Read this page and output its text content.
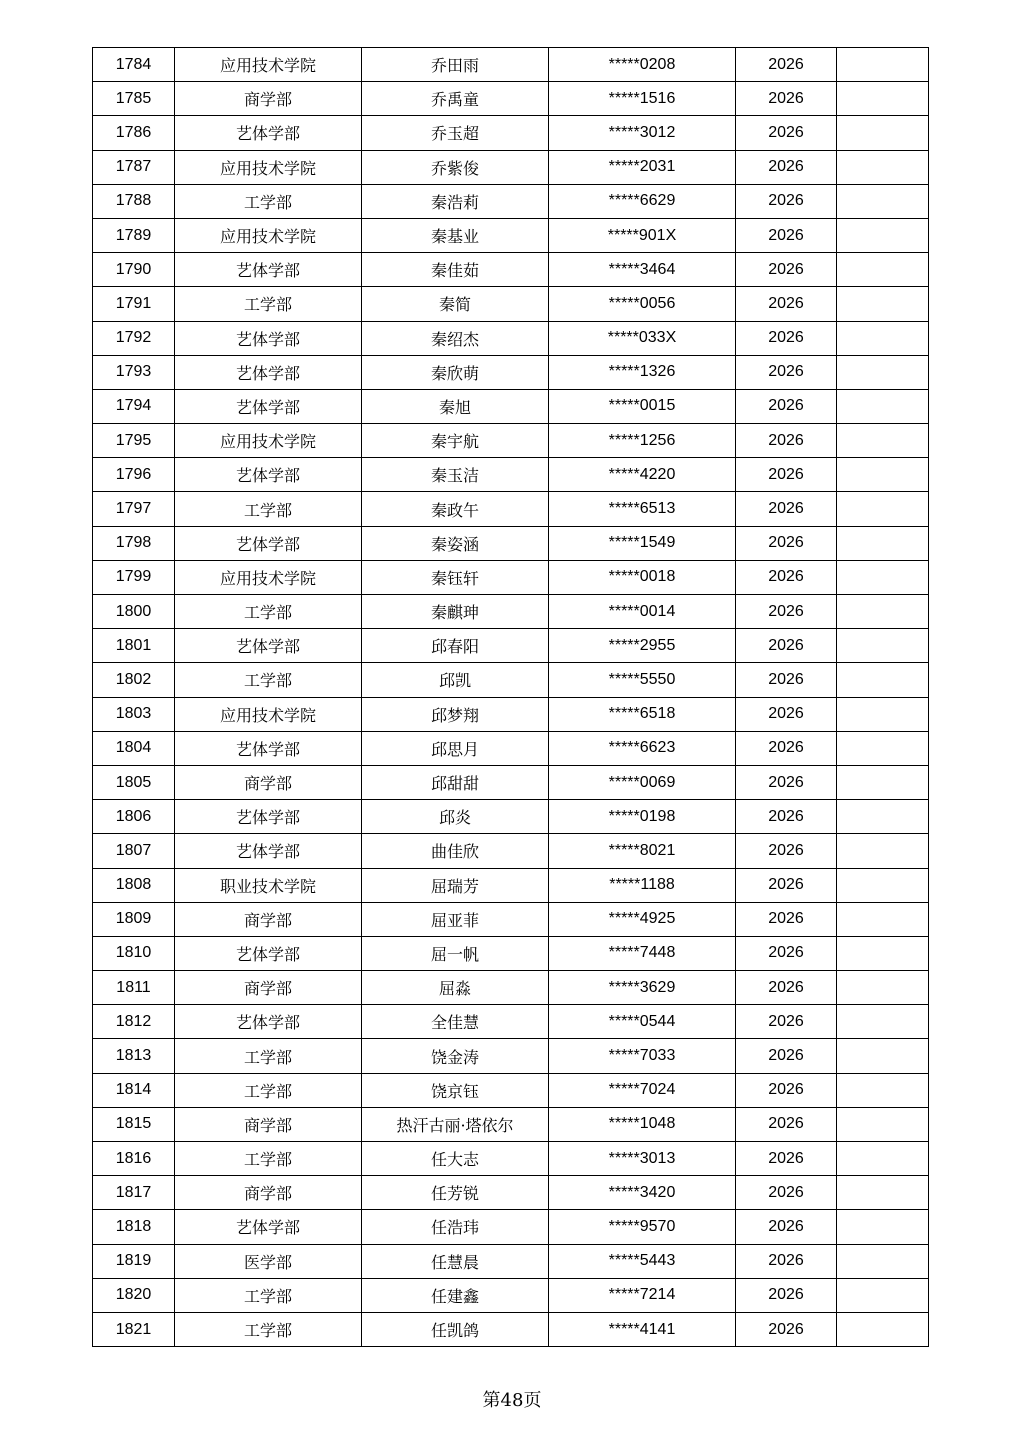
1784	应用技术学院	乔田雨	*****0208	2026	
1785	商学部	乔禹童	*****1516	2026	
1786	艺体学部	乔玉超	*****3012	2026	
1787	应用技术学院	乔紫俊	*****2031	2026	
1788	工学部	秦浩莉	*****6629	2026	
1789	应用技术学院	秦基业	*****901X	2026	
1790	艺体学部	秦佳茹	*****3464	2026	
1791	工学部	秦简	*****0056	2026	
1792	艺体学部	秦绍杰	*****033X	2026	
1793	艺体学部	秦欣萌	*****1326	2026	
1794	艺体学部	秦旭	*****0015	2026	
1795	应用技术学院	秦宇航	*****1256	2026	
1796	艺体学部	秦玉洁	*****4220	2026	
1797	工学部	秦政午	*****6513	2026	
1798	艺体学部	秦姿涵	*****1549	2026	
1799	应用技术学院	秦钰轩	*****0018	2026	
1800	工学部	秦麒珅	*****0014	2026	
1801	艺体学部	邱春阳	*****2955	2026	
1802	工学部	邱凯	*****5550	2026	
1803	应用技术学院	邱梦翔	*****6518	2026	
1804	艺体学部	邱思月	*****6623	2026	
1805	商学部	邱甜甜	*****0069	2026	
1806	艺体学部	邱炎	*****0198	2026	
1807	艺体学部	曲佳欣	*****8021	2026	
1808	职业技术学院	屈瑞芳	*****1188	2026	
1809	商学部	屈亚菲	*****4925	2026	
1810	艺体学部	屈一帆	*****7448	2026	
1811	商学部	屈淼	*****3629	2026	
1812	艺体学部	全佳慧	*****0544	2026	
1813	工学部	饶金涛	*****7033	2026	
1814	工学部	饶京钰	*****7024	2026	
1815	商学部	热汗古丽·塔依尔	*****1048	2026	
1816	工学部	任大志	*****3013	2026	
1817	商学部	任芳锐	*****3420	2026	
1818	艺体学部	任浩玮	*****9570	2026	
1819	医学部	任慧晨	*****5443	2026	
1820	工学部	任建鑫	*****7214	2026	
1821	工学部	任凯鸽	*****4141	2026	
第48页
